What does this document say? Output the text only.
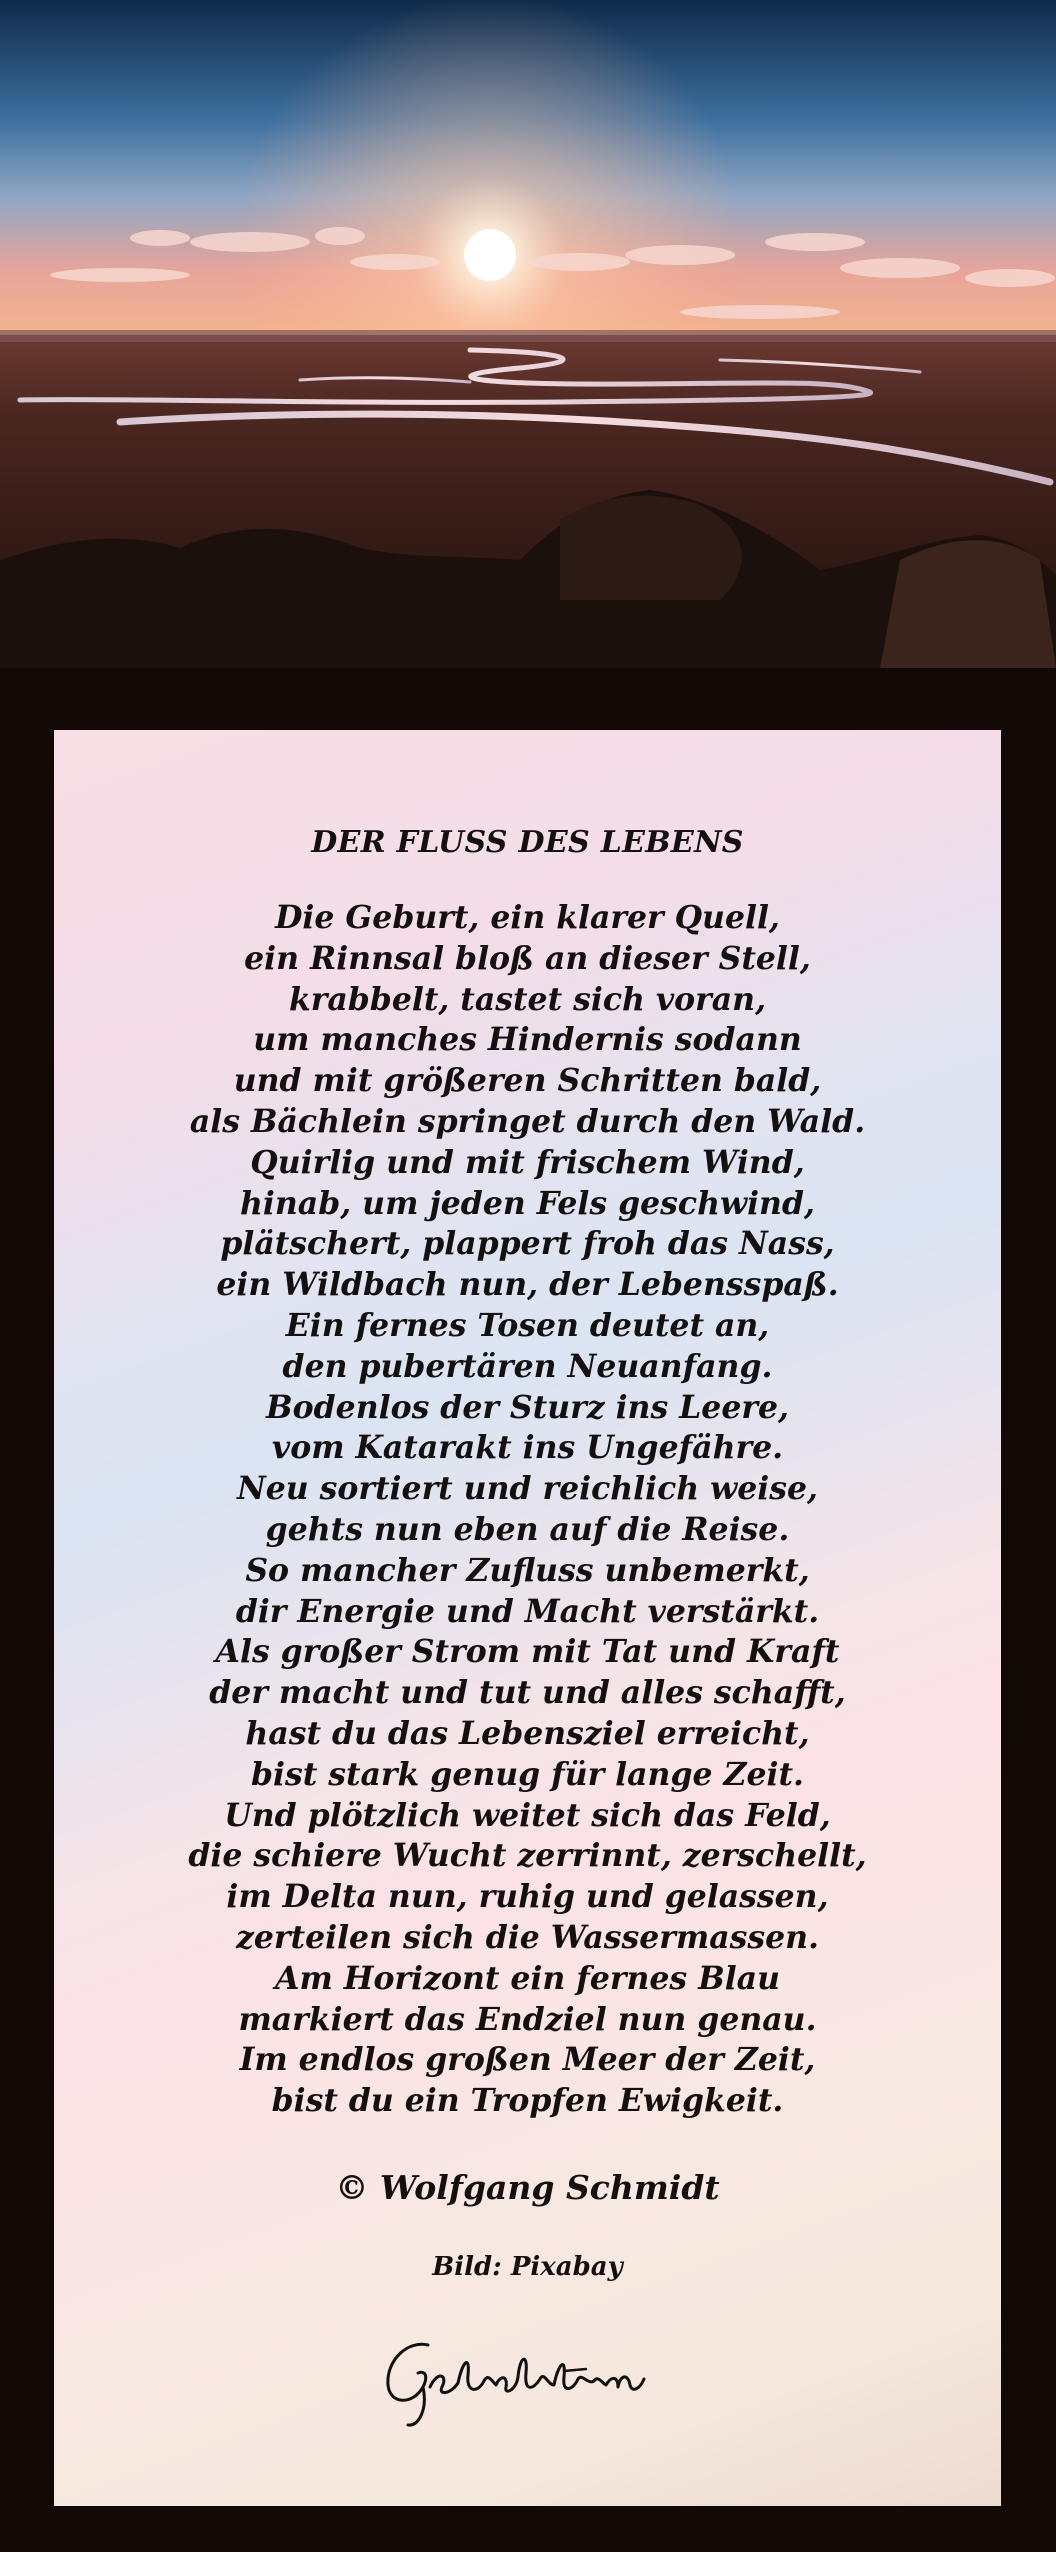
DER FLUSS DES LEBENS
Die Geburt, ein klarer Quell,
ein Rinnsal bloß an dieser Stell,
krabbelt, tastet sich voran,
um manches Hindernis sodann
und mit größeren Schritten bald,
als Bächlein springet durch den Wald.
Quirlig und mit frischem Wind,
hinab, um jeden Fels geschwind,
plätschert, plappert froh das Nass,
ein Wildbach nun, der Lebensspaß.
Ein fernes Tosen deutet an,
den pubertären Neuanfang.
Bodenlos der Sturz ins Leere,
vom Katarakt ins Ungefähre.
Neu sortiert und reichlich weise,
gehts nun eben auf die Reise.
So mancher Zufluss unbemerkt,
dir Energie und Macht verstärkt.
Als großer Strom mit Tat und Kraft
der macht und tut und alles schafft,
hast du das Lebensziel erreicht,
bist stark genug für lange Zeit.
Und plötzlich weitet sich das Feld,
die schiere Wucht zerrinnt, zerschellt,
im Delta nun, ruhig und gelassen,
zerteilen sich die Wassermassen.
Am Horizont ein fernes Blau
markiert das Endziel nun genau.
Im endlos großen Meer der Zeit,
bist du ein Tropfen Ewigkeit.
© Wolfgang Schmidt
Bild: Pixabay
